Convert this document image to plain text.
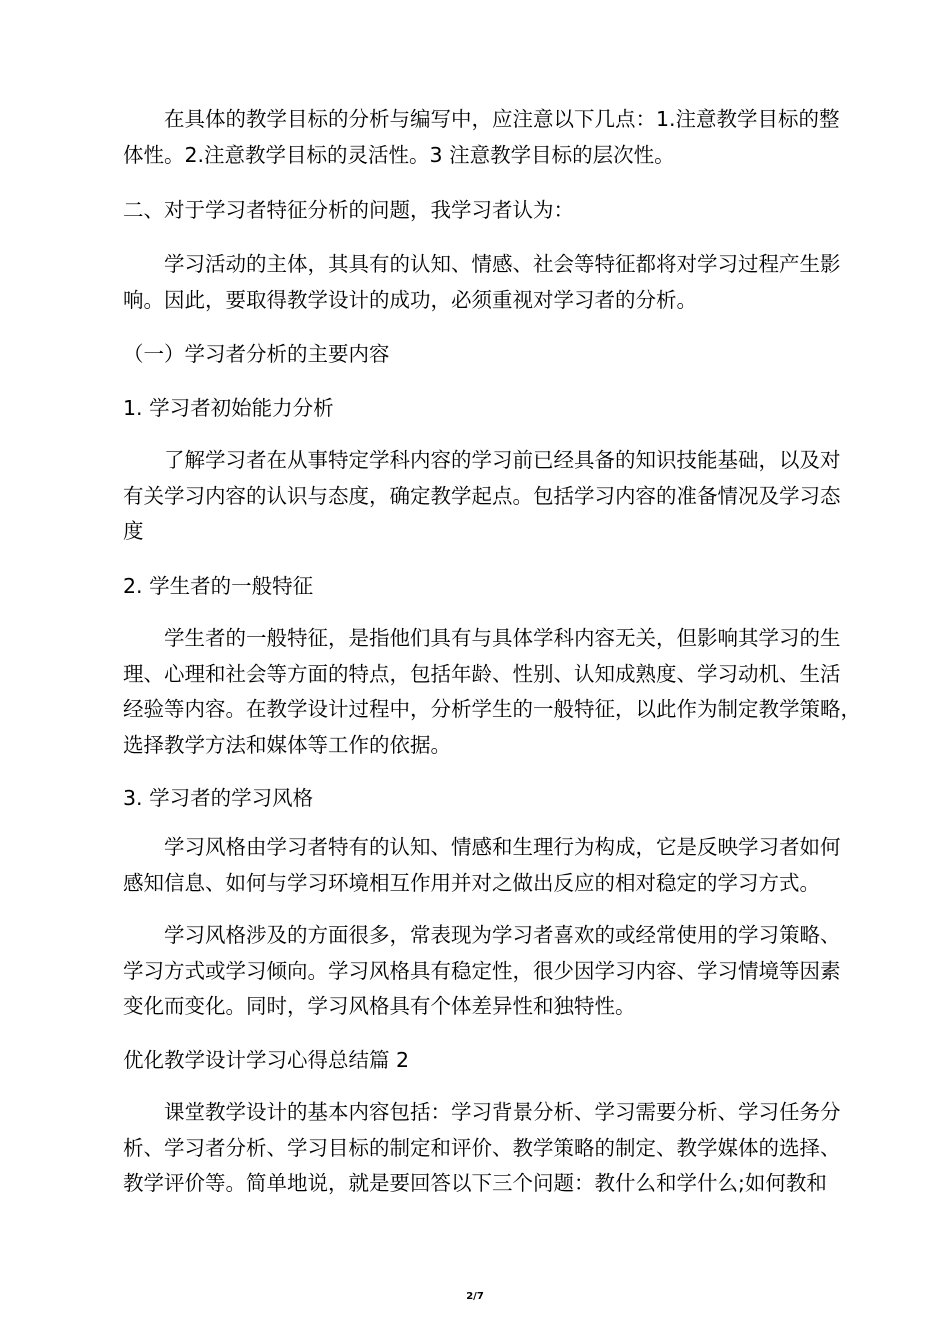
在具体的教学目标的分析与编写中，应注意以下几点：1.注意教学目标的整
体性。2.注意教学目标的灵活性。3 注意教学目标的层次性。
二、对于学习者特征分析的问题，我学习者认为：
学习活动的主体，其具有的认知、情感、社会等特征都将对学习过程产生影
响。因此，要取得教学设计的成功，必须重视对学习者的分析。
（一）学习者分析的主要内容
1. 学习者初始能力分析
了解学习者在从事特定学科内容的学习前已经具备的知识技能基础，以及对
有关学习内容的认识与态度，确定教学起点。包括学习内容的准备情况及学习态
度
2. 学生者的一般特征
学生者的一般特征，是指他们具有与具体学科内容无关，但影响其学习的生
理、心理和社会等方面的特点，包括年龄、性别、认知成熟度、学习动机、生活
经验等内容。在教学设计过程中，分析学生的一般特征，以此作为制定教学策略，
选择教学方法和媒体等工作的依据。
3. 学习者的学习风格
学习风格由学习者特有的认知、情感和生理行为构成，它是反映学习者如何
感知信息、如何与学习环境相互作用并对之做出反应的相对稳定的学习方式。
学习风格涉及的方面很多，常表现为学习者喜欢的或经常使用的学习策略、
学习方式或学习倾向。学习风格具有稳定性，很少因学习内容、学习情境等因素
变化而变化。同时，学习风格具有个体差异性和独特性。
优化教学设计学习心得总结篇 2
课堂教学设计的基本内容包括：学习背景分析、学习需要分析、学习任务分
析、学习者分析、学习目标的制定和评价、教学策略的制定、教学媒体的选择、
教学评价等。简单地说，就是要回答以下三个问题：教什么和学什么;如何教和
2/7
